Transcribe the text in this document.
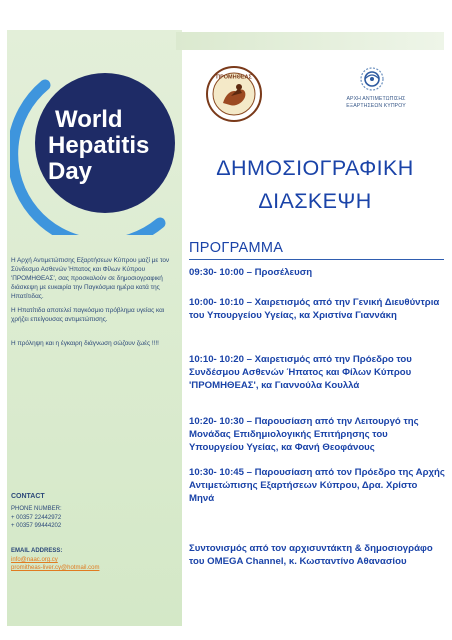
World
Hepatitis
Day
Η Αρχή Αντιμετώπισης Εξαρτήσεων Κύπρου μαζί με τον Σύνδεσμο Ασθενών Ήπατος και Φίλων Κύπρου 'ΠΡΟΜΗΘΕΑΣ', σας προσκαλούν σε δημοσιογραφική διάσκεψη με ευκαιρία την Παγκόσμια ημέρα κατά της Ηπατίτιδας.
Η Ηπατίτιδα αποτελεί παγκόσμιο πρόβλημα υγείας και χρήζει επείγουσας αντιμετώπισης.
Η πρόληψη και η έγκαιρη διάγνωση σώζουν ζωές !!!!
CONTACT
PHONE NUMBER:
+ 00357 22442972
+ 00357 99444202
EMAIL ADDRESS:
info@naac.org.cy
promitheas-liver.cy@hotmail.com
ΠΡΟΜΗΘΕΑΣ
ΑΡΧΗ ΑΝΤΙΜΕΤΩΠΙΣΗΣ
ΕΞΑΡΤΗΣΕΩΝ ΚΥΠΡΟΥ
ΔΗΜΟΣΙΟΓΡΑΦΙΚΗ
ΔΙΑΣΚΕΨΗ
ΠΡΟΓΡΑΜΜΑ
09:30- 10:00 – Προσέλευση
10:00- 10:10 – Χαιρετισμός από την Γενική Διευθύντρια του Υπουργείου Υγείας, κα Χριστίνα Γιαννάκη
10:10- 10:20 – Χαιρετισμός από την Πρόεδρο του Συνδέσμου Ασθενών Ήπατος και Φίλων Κύπρου 'ΠΡΟΜΗΘΕΑΣ', κα Γιαννούλα Κουλλά
10:20- 10:30 – Παρουσίαση από την Λειτουργό της Μονάδας Επιδημιολογικής Επιτήρησης του Υπουργείου Υγείας, κα Φανή Θεοφάνους
10:30- 10:45 – Παρουσίαση από τον Πρόεδρο της Αρχής Αντιμετώπισης Εξαρτήσεων Κύπρου, Δρα. Χρίστο Μηνά
Συντονισμός από τον αρχισυντάκτη & δημοσιογράφο του OMEGA Channel, κ. Κωσταντίνο Αθανασίου
